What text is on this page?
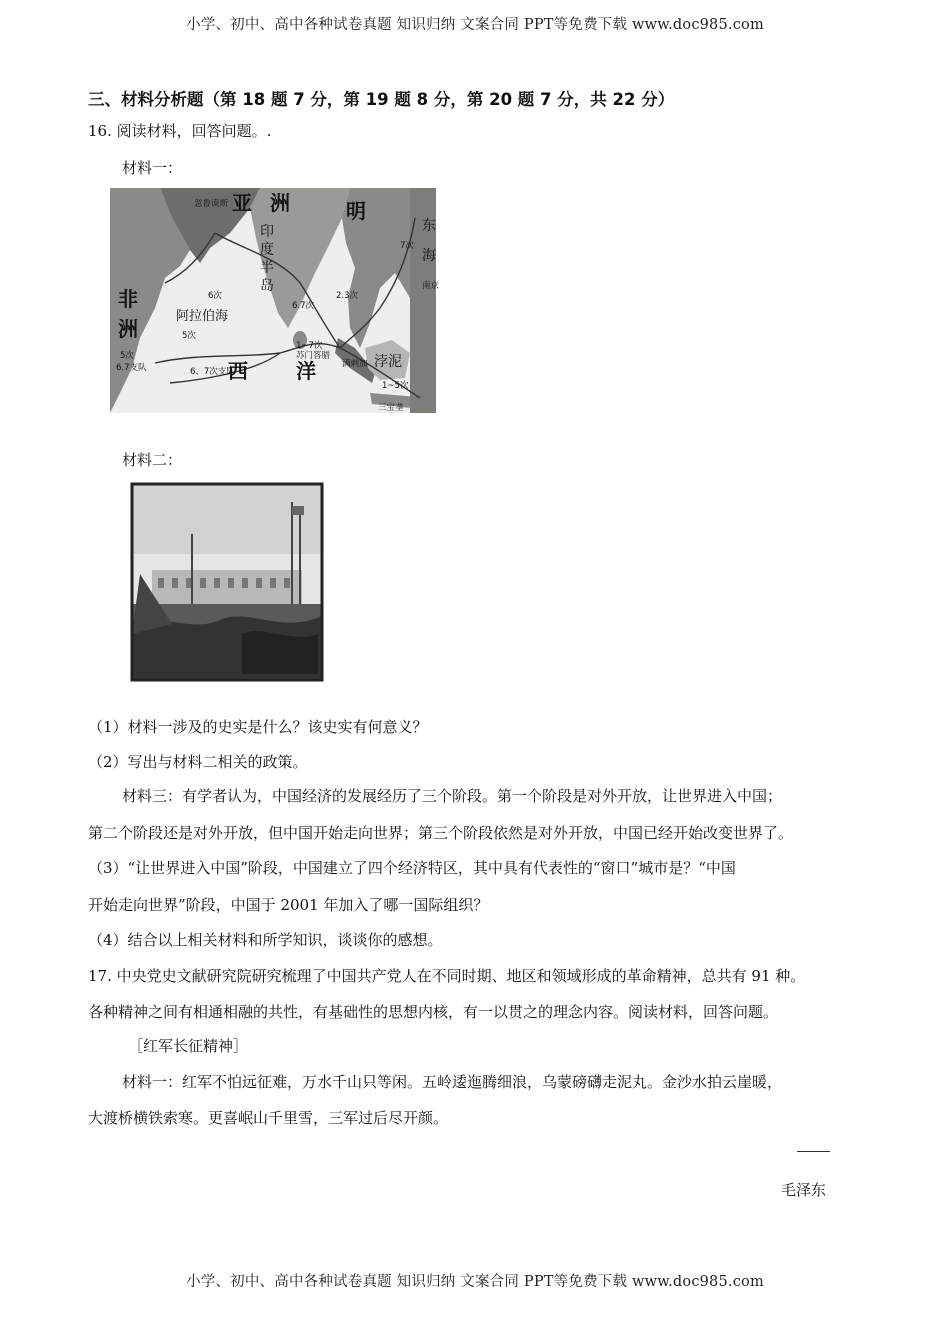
小学、初中、高中各种试卷真题 知识归纳 文案合同 PPT等免费下载 www.doc985.com
三、材料分析题（第 18 题 7 分，第 19 题 8 分，第 20 题 7 分，共 22 分）
16. 阅读材料，回答问题。.
材料一：
亚 洲	明
非
洲
西 洋
印
度
半
岛
东
海
浡泥
阿拉伯海
南京
满剌加
苏门答腊
忽鲁谟斯
5次
6.7支队	6、7次支队
1~7次
2.3次
1~5次
6次
5次
三宝垄
6.7次
7次
材料二：
（1）材料一涉及的史实是什么？该史实有何意义？
（2）写出与材料二相关的政策。
材料三：有学者认为，中国经济的发展经历了三个阶段。第一个阶段是对外开放，让世界进入中国；
第二个阶段还是对外开放，但中国开始走向世界；第三个阶段依然是对外开放，中国已经开始改变世界了。
（3）“让世界进入中国”阶段，中国建立了四个经济特区，其中具有代表性的“窗口”城市是？“中国
开始走向世界”阶段，中国于 2001 年加入了哪一国际组织？
（4）结合以上相关材料和所学知识，谈谈你的感想。
17. 中央党史文献研究院研究梳理了中国共产党人在不同时期、地区和领域形成的革命精神，总共有 91 种。
各种精神之间有相通相融的共性，有基础性的思想内核，有一以贯之的理念内容。阅读材料，回答问题。
［红军长征精神］
材料一：红军不怕远征难，万水千山只等闲。五岭逶迤腾细浪，乌蒙磅礴走泥丸。金沙水拍云崖暖，
大渡桥横铁索寒。更喜岷山千里雪，三军过后尽开颜。
毛泽东
小学、初中、高中各种试卷真题 知识归纳 文案合同 PPT等免费下载 www.doc985.com
